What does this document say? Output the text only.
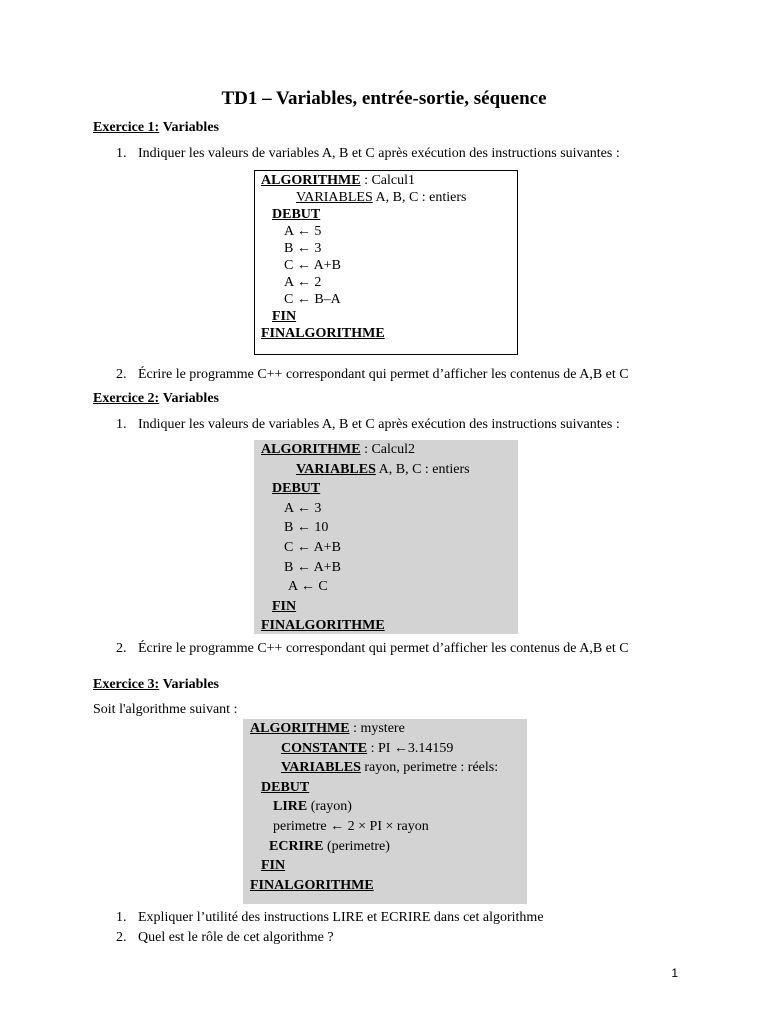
TD1 – Variables, entrée-sortie, séquence
Exercice 1: Variables
1. Indiquer les valeurs de variables A, B et C après exécution des instructions suivantes :
ALGORITHME : Calcul1
VARIABLES A, B, C : entiers
DEBUT
A ← 5
B ← 3
C ← A+B
A ← 2
C ← B–A
FIN
FINALGORITHME
2. Écrire le programme C++ correspondant qui permet d’afficher les contenus de A,B et C
Exercice 2: Variables
1. Indiquer les valeurs de variables A, B et C après exécution des instructions suivantes :
ALGORITHME : Calcul2
VARIABLES A, B, C : entiers
DEBUT
A ← 3
B ← 10
C ← A+B
B ← A+B
A ← C
FIN
FINALGORITHME
2. Écrire le programme C++ correspondant qui permet d’afficher les contenus de A,B et C
Exercice 3: Variables
Soit l'algorithme suivant :
ALGORITHME : mystere
CONSTANTE : PI ←3.14159
VARIABLES rayon, perimetre : réels:
DEBUT
LIRE (rayon)
perimetre ← 2 × PI × rayon
ECRIRE (perimetre)
FIN
FINALGORITHME
1. Expliquer l’utilité des instructions LIRE et ECRIRE dans cet algorithme
2. Quel est le rôle de cet algorithme ?
1
